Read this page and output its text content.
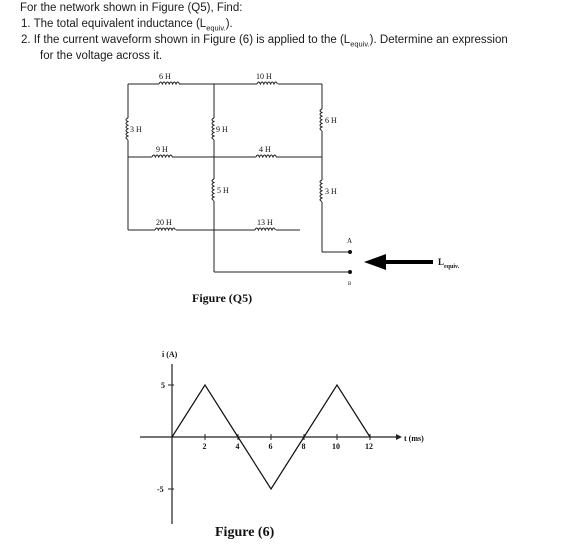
For the network shown in Figure (Q5), Find:
1. The total equivalent inductance $(L_{equiv.})$.
2. If the current waveform shown in Figure (6) is applied to the $(L_{equiv.})$. Determine an expression
for the voltage across it.
6 H	10 H
3 H	9 H
6 H
9 H	4 H
5 H	3 H
20 H	13 H
A
B
$L_{equiv.}$
Figure (Q5)
i (A)
t (ms)
2	4	6	8	10	12
5
-5
Figure (6)
